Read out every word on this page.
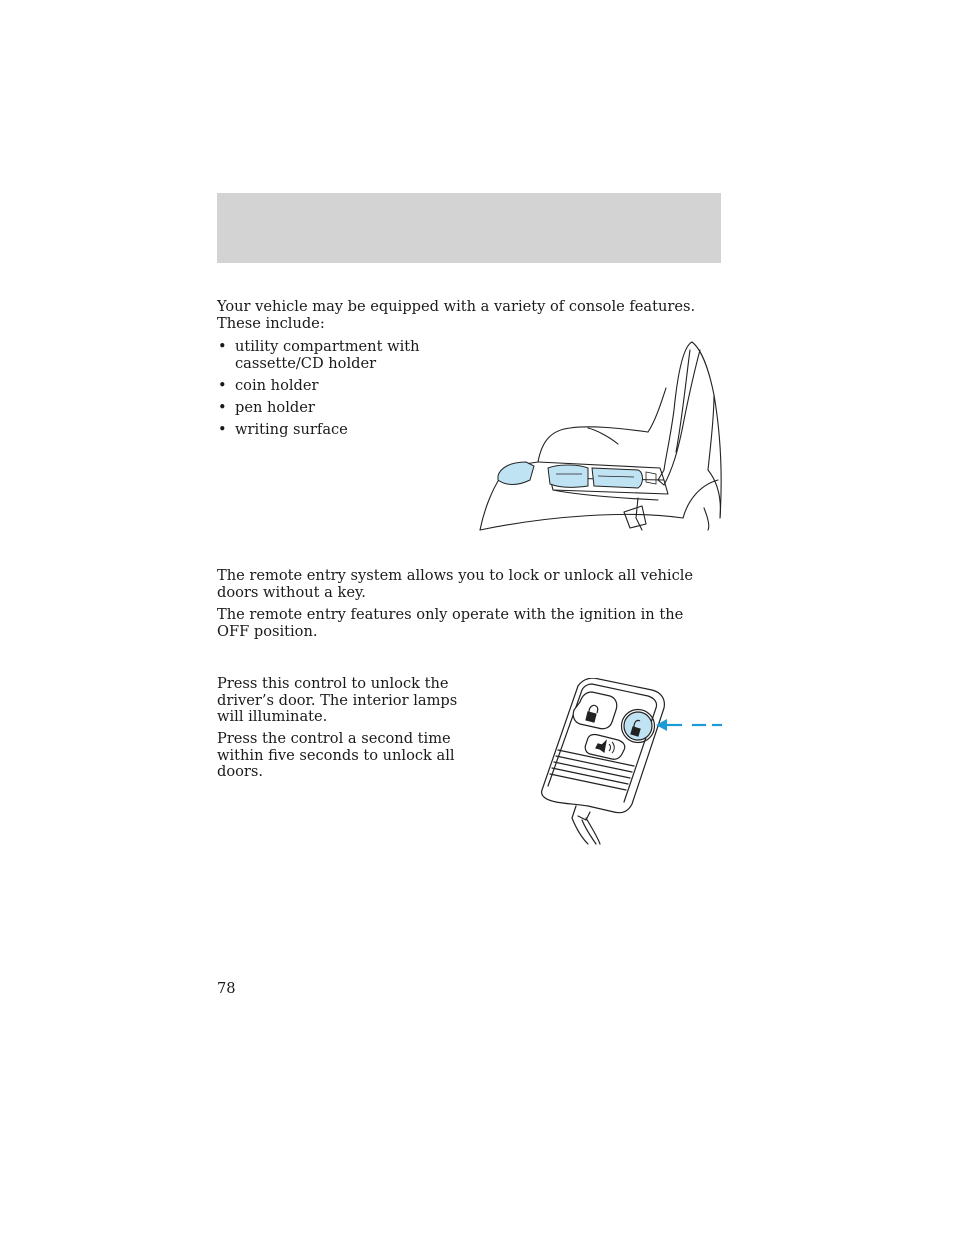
Your vehicle may be equipped with a variety of console features. These include:

• utility compartment with cassette/CD holder
• coin holder
• pen holder
• writing surface

The remote entry system allows you to lock or unlock all vehicle doors without a key.

The remote entry features only operate with the ignition in the OFF position.

Press this control to unlock the driver’s door. The interior lamps will illuminate.

Press the control a second time within five seconds to unlock all doors.

78
